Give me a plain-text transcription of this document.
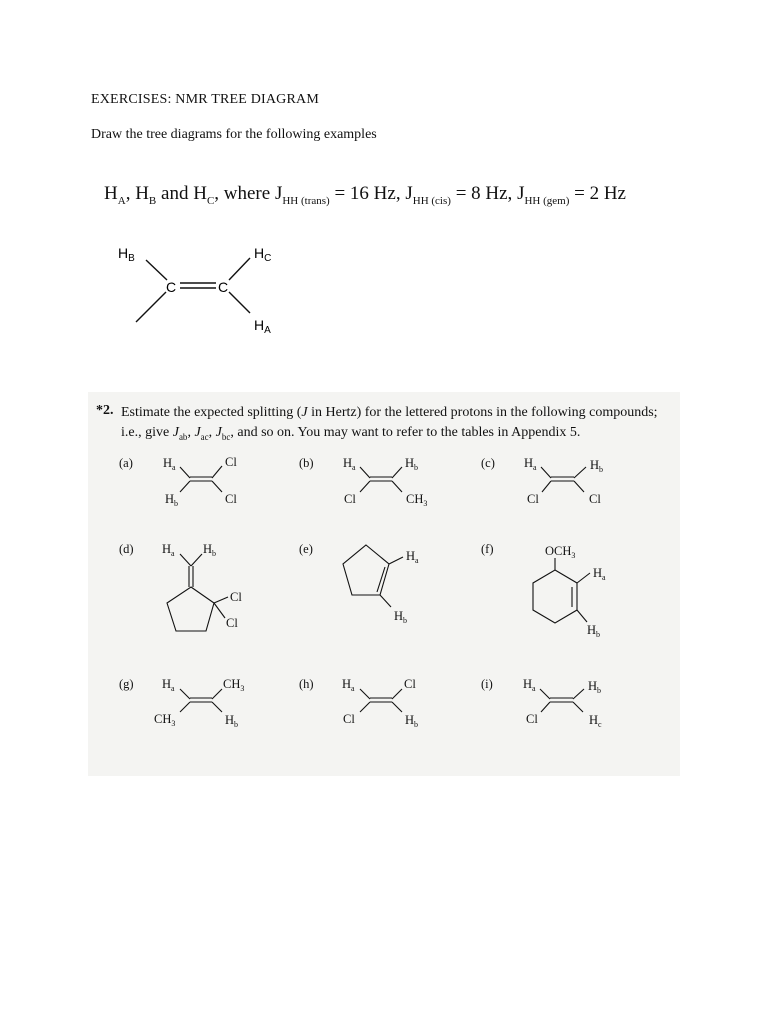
EXERCISES: NMR TREE DIAGRAM
Draw the tree diagrams for the following examples
$H_A$, $H_B$ and $H_C$, where $J_{HH (trans)} = 16$ Hz, $J_{HH (cis)} = 8$ Hz, $J_{HH (gem)} = 2$ Hz
$H_B$	$H_C$
$H_A$
C	C
*2. Estimate the expected splitting (J in Hertz) for the lettered protons in the following compounds;
i.e., give $J_{ab}$, $J_{ac}$, $J_{bc}$, and so on. You may want to refer to the tables in Appendix 5.
(a) $H_a$	Cl
$H_b$	Cl
(b) $H_a$	$H_b$
Cl	$CH_3$
(c) $H_a$	$H_b$
Cl	Cl
(d) $H_a$ $H_b$
Cl
Cl
(e)	$H_a$
$H_b$
(f)	$OCH_3$
$H_a$
$H_b$
(g) $H_a$	$CH_3$
$CH_3$	$H_b$
(h) $H_a$	Cl
Cl	$H_b$
(i) $H_a$	$H_b$
Cl	$H_c$
